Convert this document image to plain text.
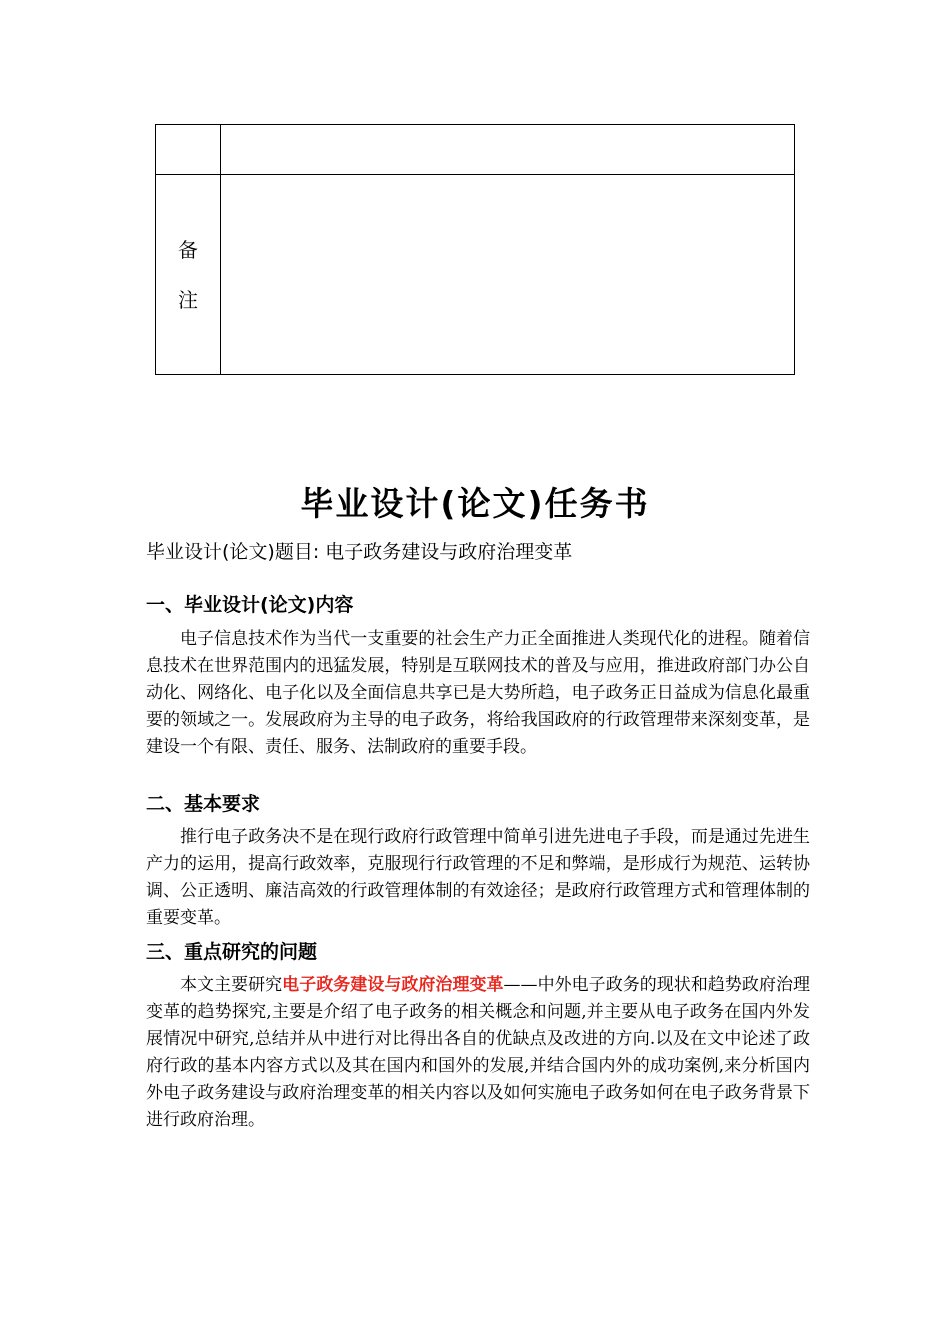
备
注	

毕业设计(论文)任务书

毕业设计(论文)题目: 电子政务建设与政府治理变革

一、毕业设计(论文)内容

电子信息技术作为当代一支重要的社会生产力正全面推进人类现代化的进程。随着信息技术在世界范围内的迅猛发展，特别是互联网技术的普及与应用，推进政府部门办公自动化、网络化、电子化以及全面信息共享已是大势所趋，电子政务正日益成为信息化最重要的领域之一。发展政府为主导的电子政务，将给我国政府的行政管理带来深刻变革，是建设一个有限、责任、服务、法制政府的重要手段。

二、基本要求

推行电子政务决不是在现行政府行政管理中简单引进先进电子手段，而是通过先进生产力的运用，提高行政效率，克服现行行政管理的不足和弊端，是形成行为规范、运转协调、公正透明、廉洁高效的行政管理体制的有效途径；是政府行政管理方式和管理体制的重要变革。

三、重点研究的问题

本文主要研究电子政务建设与政府治理变革——中外电子政务的现状和趋势政府治理变革的趋势探究,主要是介绍了电子政务的相关概念和问题,并主要从电子政务在国内外发展情况中研究,总结并从中进行对比得出各自的优缺点及改进的方向.以及在文中论述了政府行政的基本内容方式以及其在国内和国外的发展,并结合国内外的成功案例,来分析国内外电子政务建设与政府治理变革的相关内容以及如何实施电子政务如何在电子政务背景下进行政府治理。
